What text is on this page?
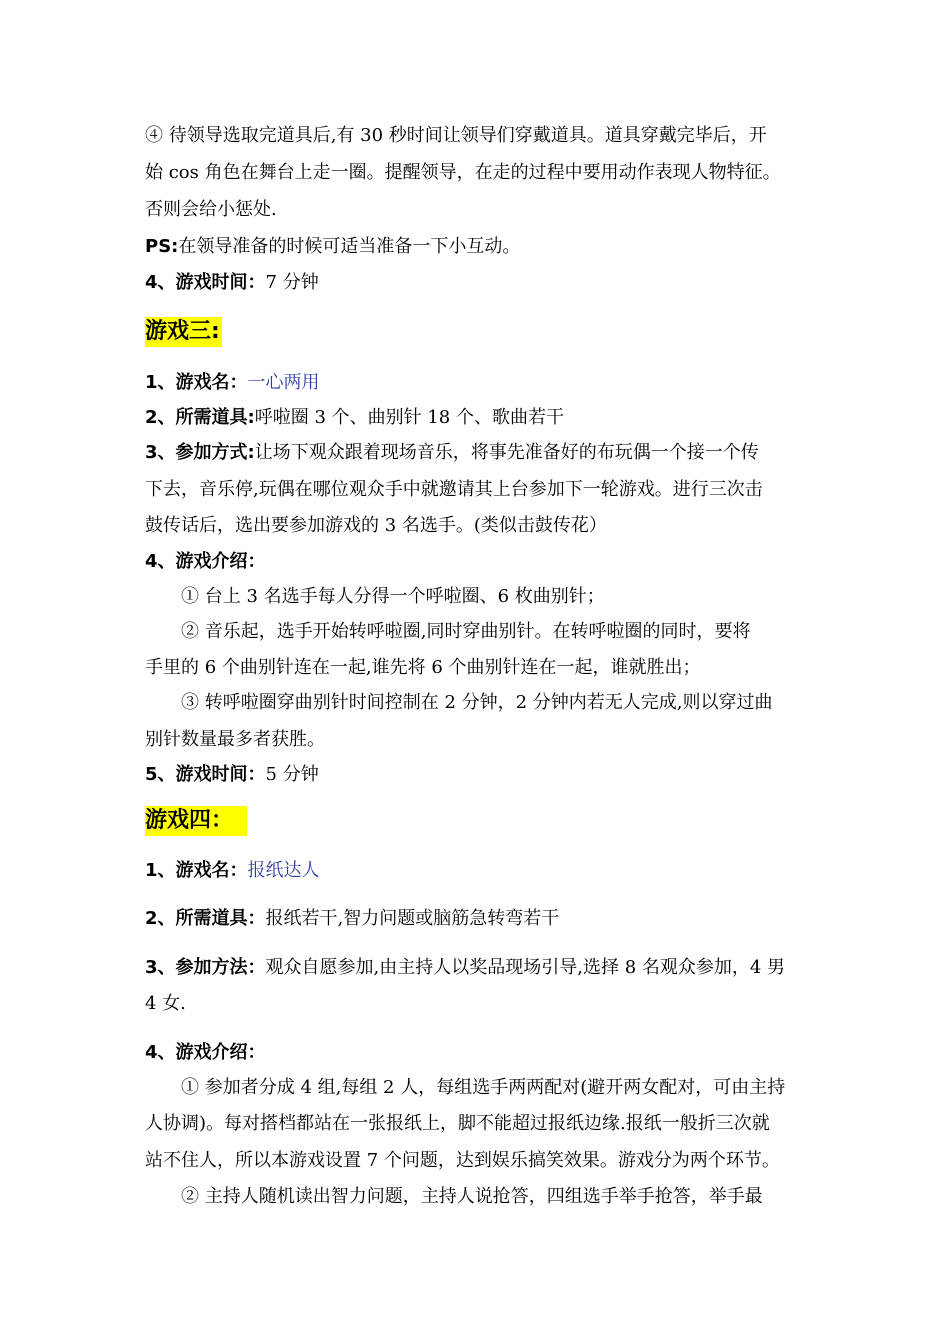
④ 待领导选取完道具后,有 30 秒时间让领导们穿戴道具。道具穿戴完毕后，开
始 cos 角色在舞台上走一圈。提醒领导，在走的过程中要用动作表现人物特征。
否则会给小惩处.
PS:在领导准备的时候可适当准备一下小互动。
4、游戏时间：7 分钟
游戏三:
1、游戏名：一心两用
2、所需道具:呼啦圈 3 个、曲别针 18 个、歌曲若干
3、参加方式:让场下观众跟着现场音乐，将事先准备好的布玩偶一个接一个传
下去，音乐停,玩偶在哪位观众手中就邀请其上台参加下一轮游戏。进行三次击
鼓传话后，选出要参加游戏的 3 名选手。(类似击鼓传花）
4、游戏介绍：
① 台上 3 名选手每人分得一个呼啦圈、6 枚曲别针；
② 音乐起，选手开始转呼啦圈,同时穿曲别针。在转呼啦圈的同时，要将
手里的 6 个曲别针连在一起,谁先将 6 个曲别针连在一起，谁就胜出；
③ 转呼啦圈穿曲别针时间控制在 2 分钟，2 分钟内若无人完成,则以穿过曲
别针数量最多者获胜。
5、游戏时间：5 分钟
游戏四：
1、游戏名：报纸达人
2、所需道具：报纸若干,智力问题或脑筋急转弯若干
3、参加方法：观众自愿参加,由主持人以奖品现场引导,选择 8 名观众参加，4 男
4 女.
4、游戏介绍：
① 参加者分成 4 组,每组 2 人，每组选手两两配对(避开两女配对，可由主持
人协调)。每对搭档都站在一张报纸上，脚不能超过报纸边缘.报纸一般折三次就
站不住人，所以本游戏设置 7 个问题，达到娱乐搞笑效果。游戏分为两个环节。
② 主持人随机读出智力问题，主持人说抢答，四组选手举手抢答，举手最
